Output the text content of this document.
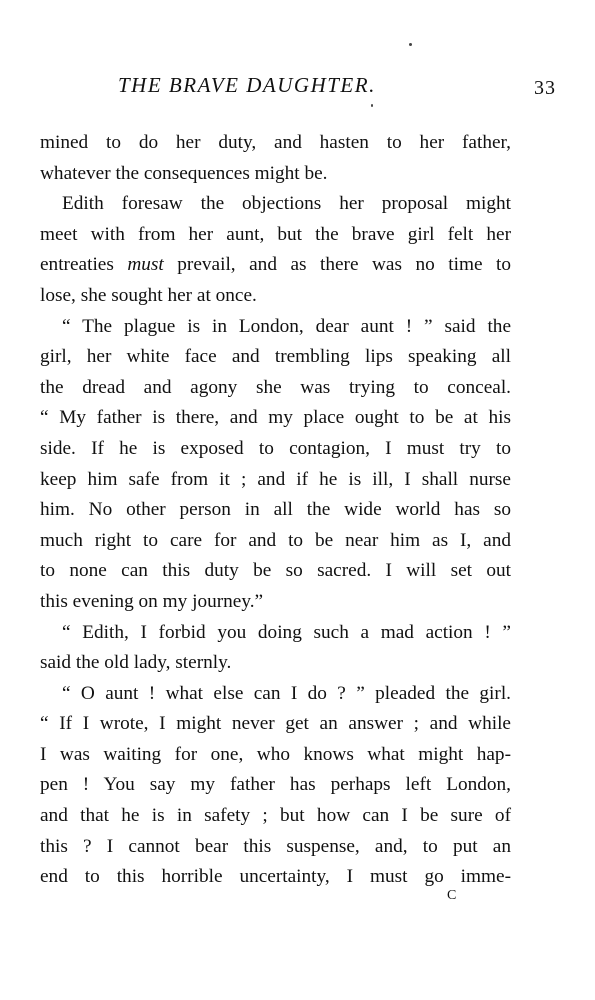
THE BRAVE DAUGHTER.	33
mined to do her duty, and hasten to her father,
whatever the consequences might be.
Edith foresaw the objections her proposal might
meet with from her aunt, but the brave girl felt her
entreaties must prevail, and as there was no time to
lose, she sought her at once.
“ The plague is in London, dear aunt ! ” said the
girl, her white face and trembling lips speaking all
the dread and agony she was trying to conceal.
“ My father is there, and my place ought to be at his
side. If he is exposed to contagion, I must try to
keep him safe from it ; and if he is ill, I shall nurse
him. No other person in all the wide world has so
much right to care for and to be near him as I, and
to none can this duty be so sacred. I will set out
this evening on my journey.”
“ Edith, I forbid you doing such a mad action ! ”
said the old lady, sternly.
“ O aunt ! what else can I do ? ” pleaded the girl.
“ If I wrote, I might never get an answer ; and while
I was waiting for one, who knows what might hap-
pen ! You say my father has perhaps left London,
and that he is in safety ; but how can I be sure of
this ? I cannot bear this suspense, and, to put an
end to this horrible uncertainty, I must go imme-
C
